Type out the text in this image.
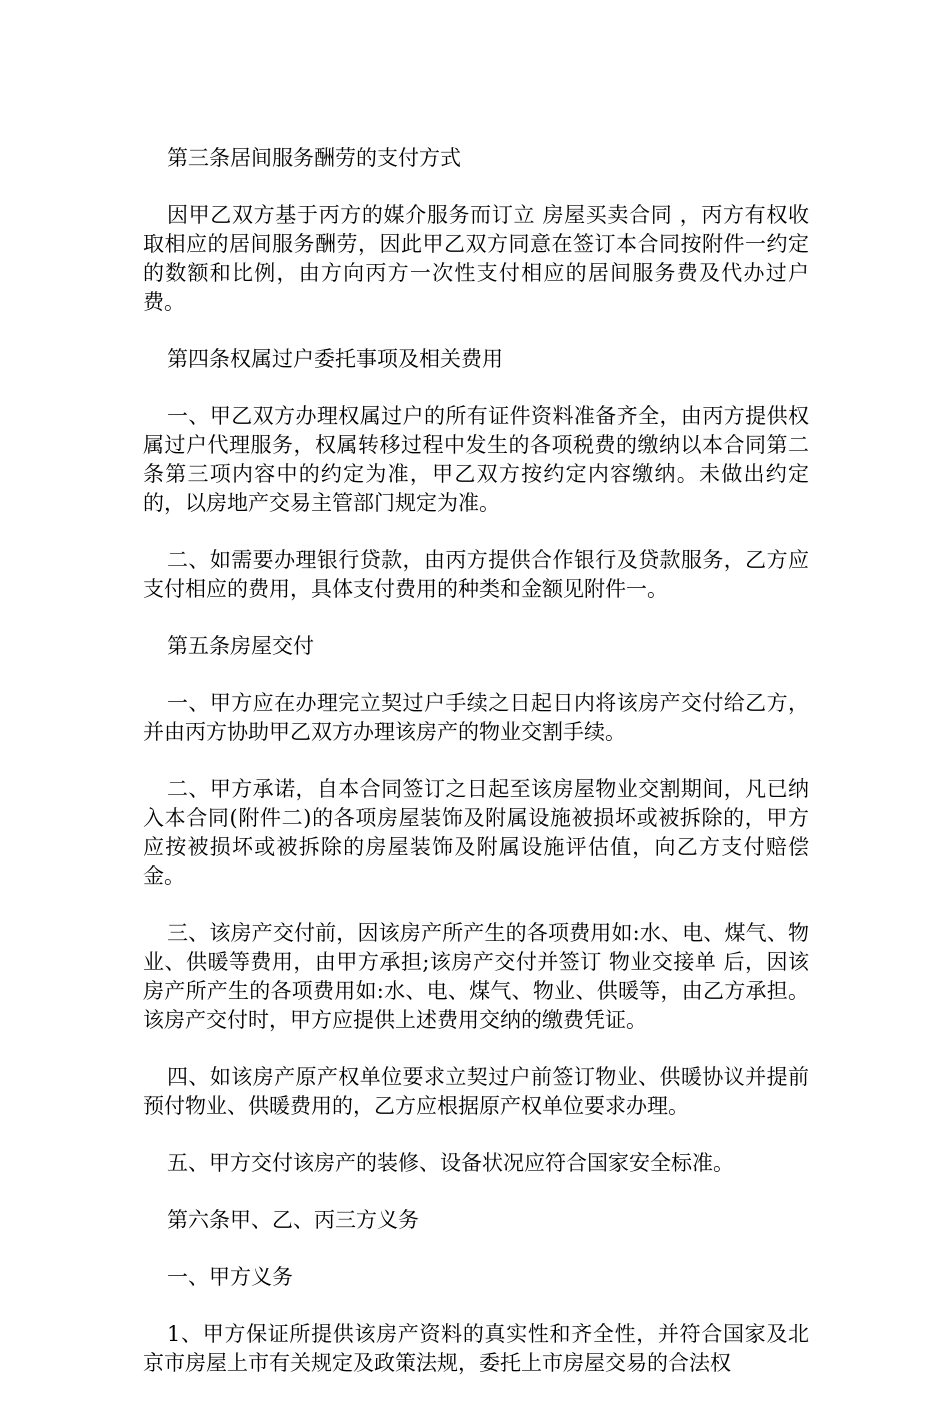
第三条居间服务酬劳的支付方式

因甲乙双方基于丙方的媒介服务而订立 房屋买卖合同 ，丙方有权收取相应的居间服务酬劳，因此甲乙双方同意在签订本合同按附件一约定的数额和比例，由方向丙方一次性支付相应的居间服务费及代办过户费。

第四条权属过户委托事项及相关费用

一、甲乙双方办理权属过户的所有证件资料准备齐全，由丙方提供权属过户代理服务，权属转移过程中发生的各项税费的缴纳以本合同第二条第三项内容中的约定为准，甲乙双方按约定内容缴纳。未做出约定的，以房地产交易主管部门规定为准。

二、如需要办理银行贷款，由丙方提供合作银行及贷款服务，乙方应支付相应的费用，具体支付费用的种类和金额见附件一。

第五条房屋交付

一、甲方应在办理完立契过户手续之日起日内将该房产交付给乙方，并由丙方协助甲乙双方办理该房产的物业交割手续。

二、甲方承诺，自本合同签订之日起至该房屋物业交割期间，凡已纳入本合同(附件二)的各项房屋装饰及附属设施被损坏或被拆除的，甲方应按被损坏或被拆除的房屋装饰及附属设施评估值，向乙方支付赔偿金。

三、该房产交付前，因该房产所产生的各项费用如:水、电、煤气、物业、供暖等费用，由甲方承担;该房产交付并签订 物业交接单 后，因该房产所产生的各项费用如:水、电、煤气、物业、供暖等，由乙方承担。该房产交付时，甲方应提供上述费用交纳的缴费凭证。

四、如该房产原产权单位要求立契过户前签订物业、供暖协议并提前预付物业、供暖费用的，乙方应根据原产权单位要求办理。

五、甲方交付该房产的装修、设备状况应符合国家安全标准。

第六条甲、乙、丙三方义务

一、甲方义务

1、甲方保证所提供该房产资料的真实性和齐全性，并符合国家及北京市房屋上市有关规定及政策法规，委托上市房屋交易的合法权
